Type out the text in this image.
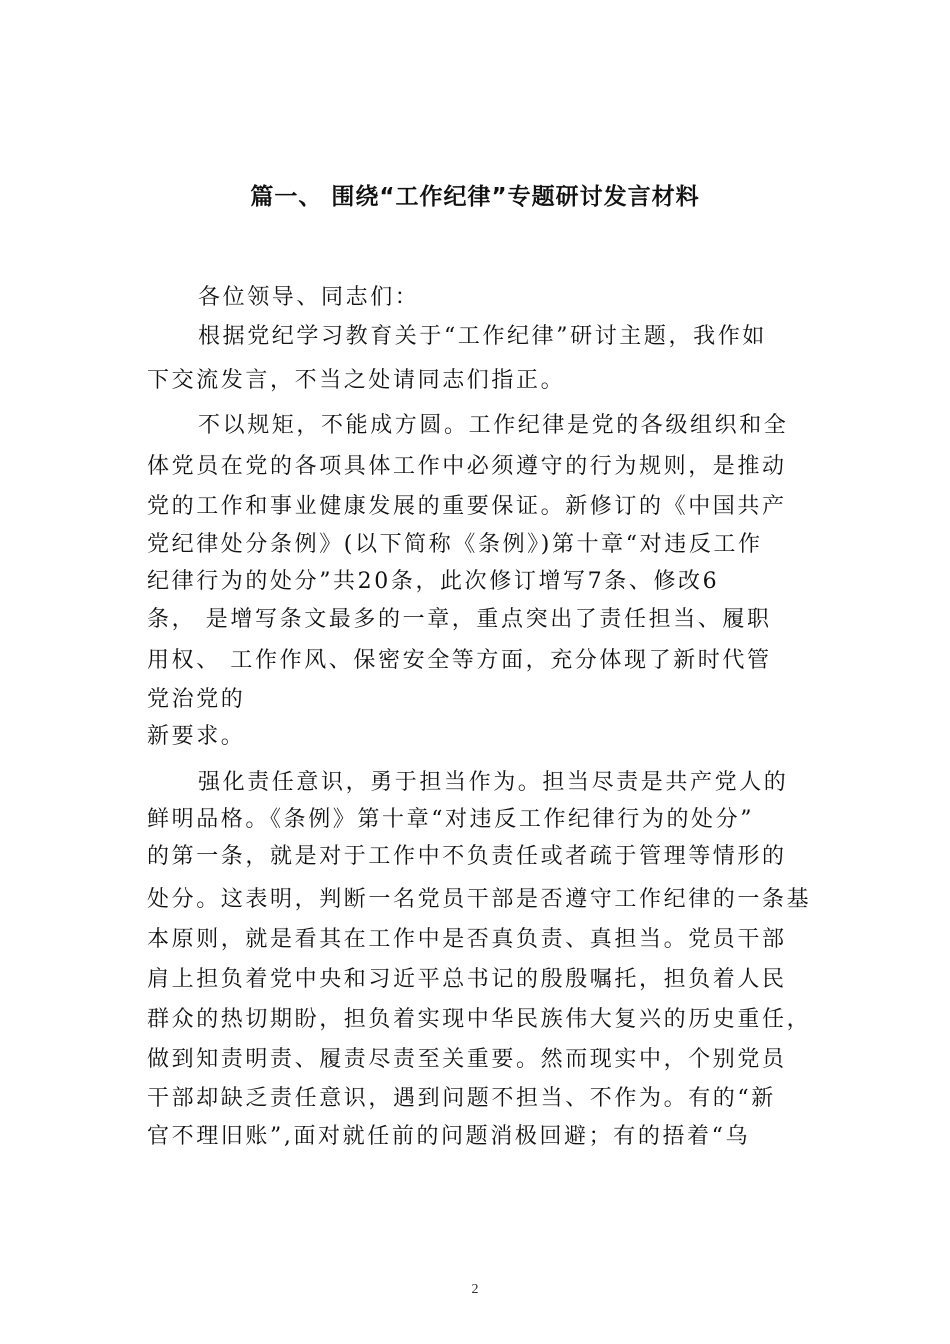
篇一、 围绕“工作纪律”专题研讨发言材料
各位领导、同志们：
根据党纪学习教育关于“工作纪律”研讨主题，我作如
下交流发言，不当之处请同志们指正。
不以规矩，不能成方圆。工作纪律是党的各级组织和全
体党员在党的各项具体工作中必须遵守的行为规则，是推动
党的工作和事业健康发展的重要保证。新修订的《中国共产
党纪律处分条例》(以下简称《条例》)第十章“对违反工作
纪律行为的处分”共20条，此次修订增写7条、修改6
条， 是增写条文最多的一章，重点突出了责任担当、履职
用权、 工作作风、保密安全等方面，充分体现了新时代管
党治党的
新要求。
强化责任意识，勇于担当作为。担当尽责是共产党人的
鲜明品格。《条例》第十章“对违反工作纪律行为的处分”
的第一条，就是对于工作中不负责任或者疏于管理等情形的
处分。这表明，判断一名党员干部是否遵守工作纪律的一条基
本原则，就是看其在工作中是否真负责、真担当。党员干部
肩上担负着党中央和习近平总书记的殷殷嘱托，担负着人民
群众的热切期盼，担负着实现中华民族伟大复兴的历史重任，
做到知责明责、履责尽责至关重要。然而现实中，个别党员
干部却缺乏责任意识，遇到问题不担当、不作为。有的“新
官不理旧账”,面对就任前的问题消极回避；有的捂着“乌
2
